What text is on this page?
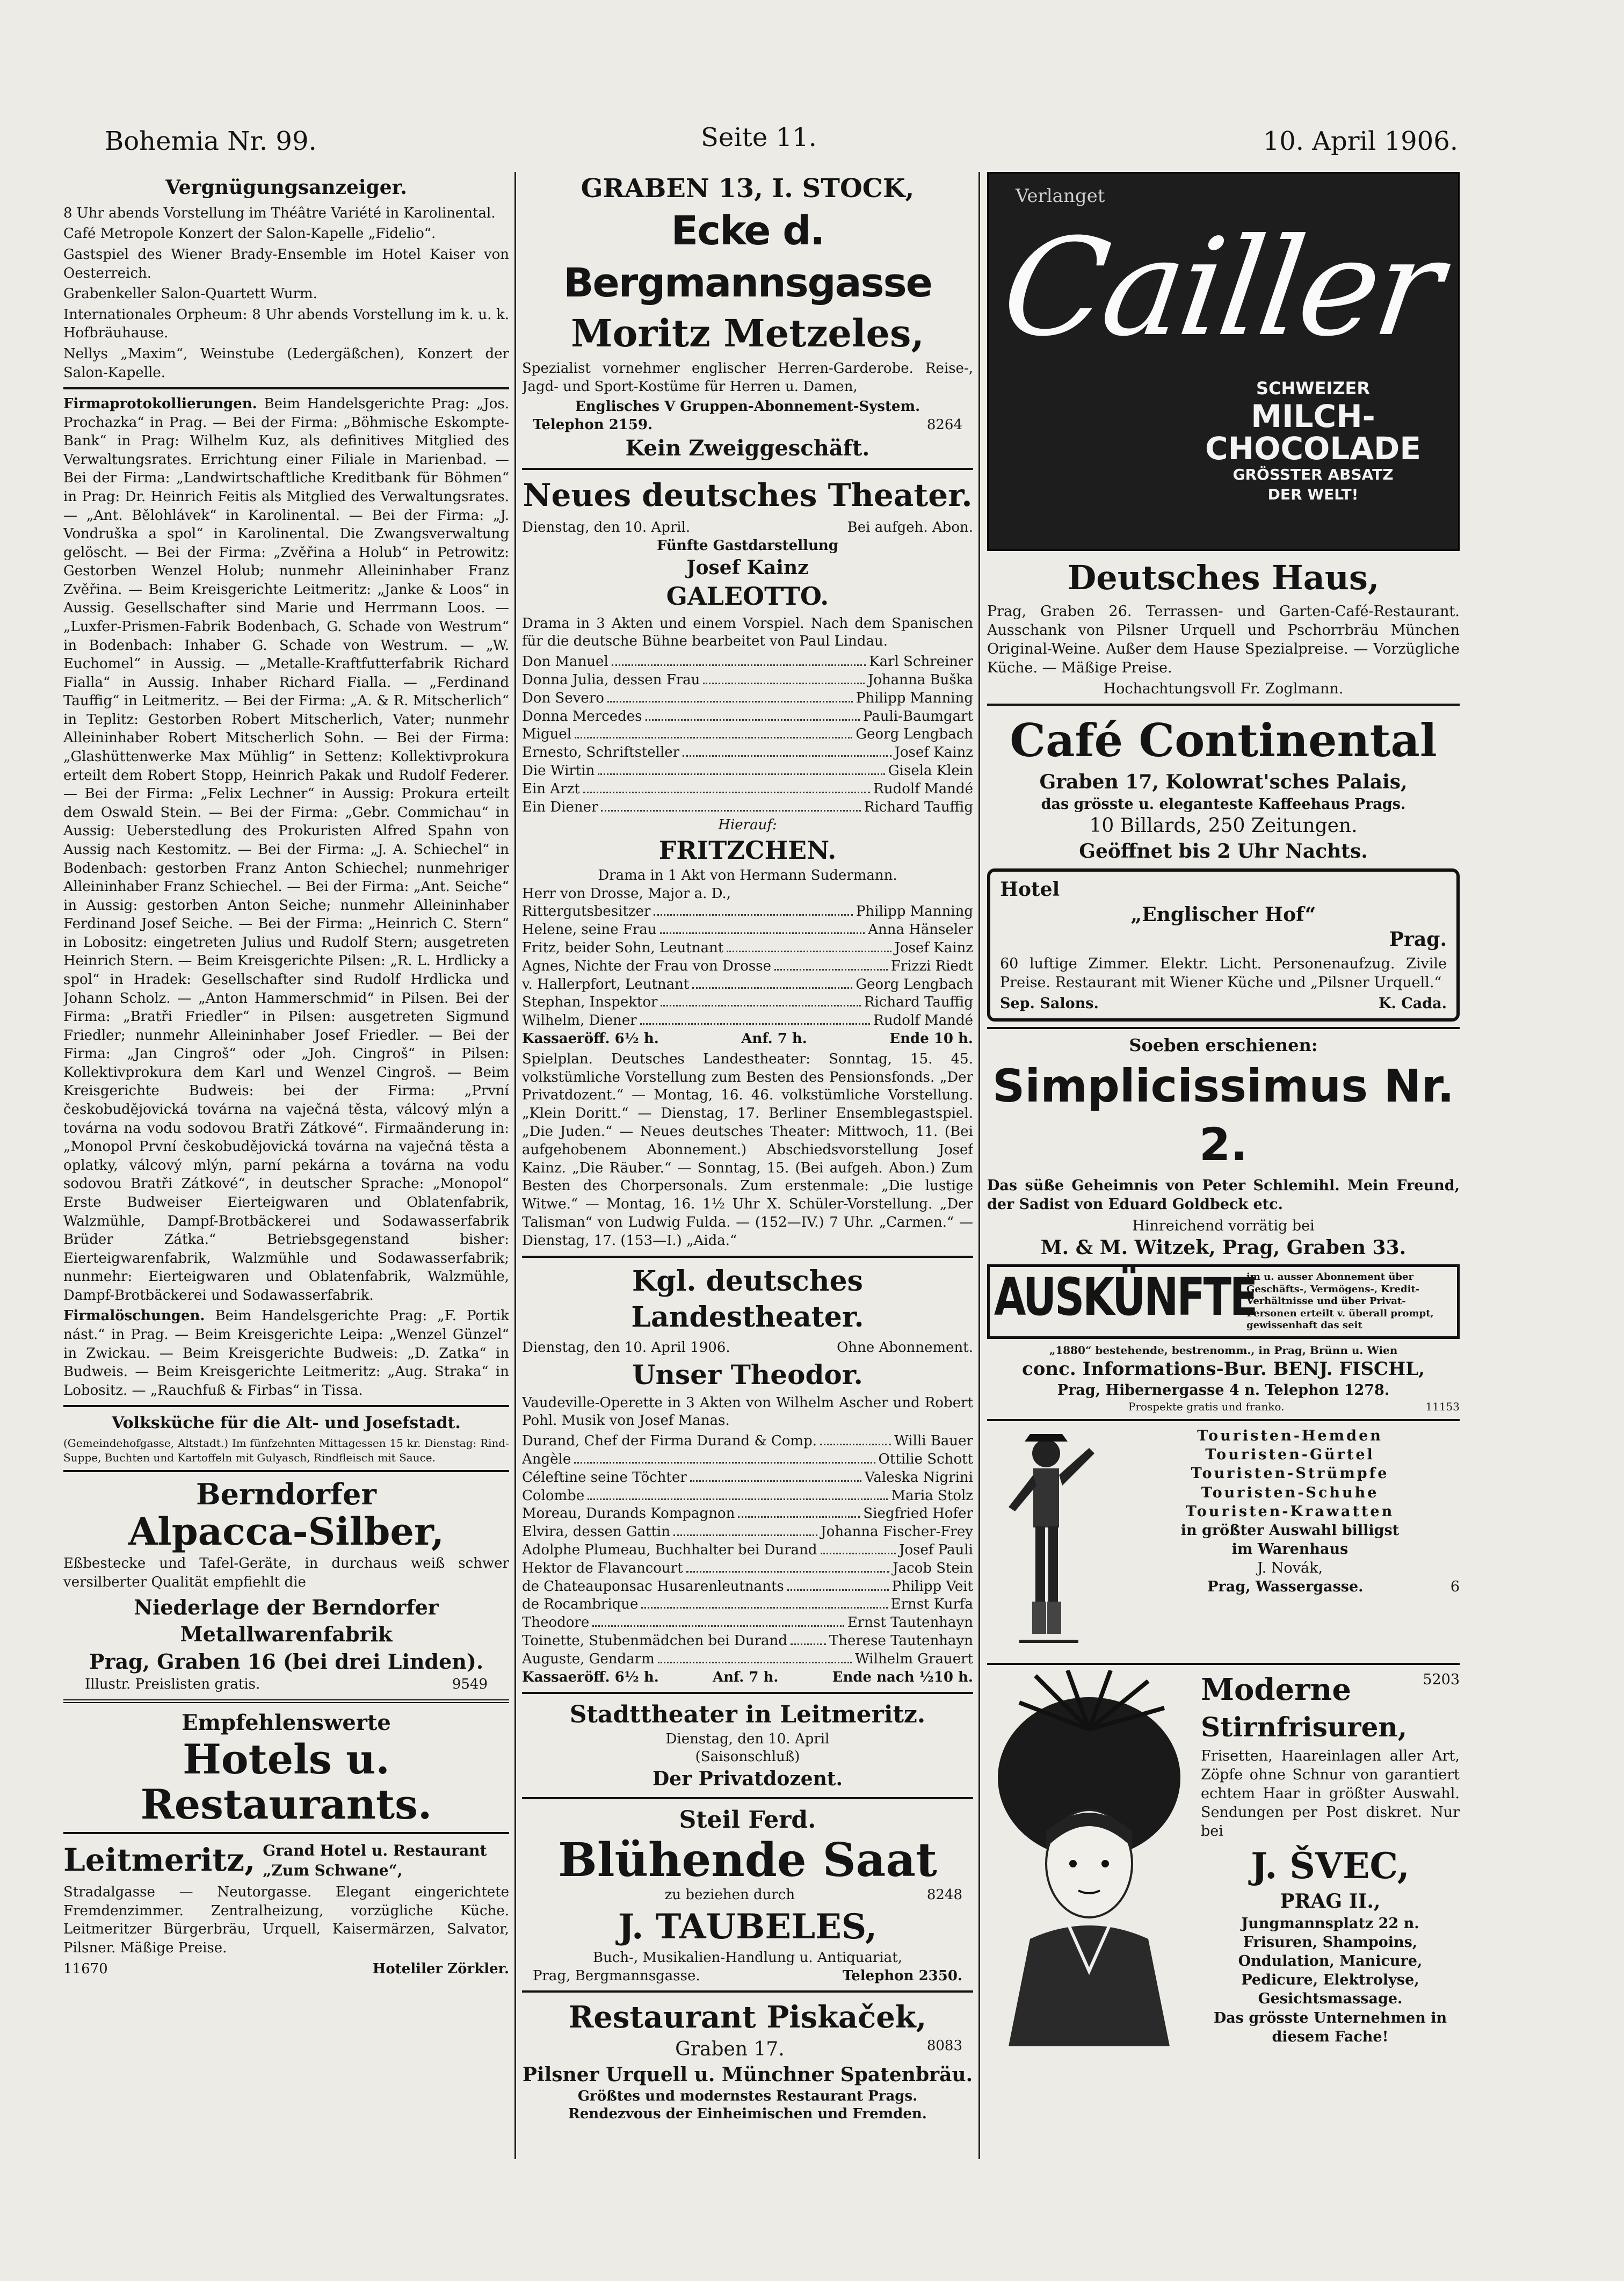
Bohemia Nr. 99.	Seite 11.	10. April 1906.
Vergnügungsanzeiger.
8 Uhr abends Vorstellung im Théâtre Variété in Karolinental.
Café Metropole Konzert der Salon-Kapelle „Fidelio“.
Gastspiel des Wiener Brady-Ensemble im Hotel Kaiser von Oesterreich.
Grabenkeller Salon-Quartett Wurm.
Internationales Orpheum: 8 Uhr abends Vorstellung im k. u. k. Hofbräuhause.
Nellys „Maxim“, Weinstube (Ledergäßchen), Konzert der Salon-Kapelle.
Firmaprotokollierungen. Beim Handelsgerichte Prag: „Jos. Prochazka“ in Prag. — Bei der Firma: „Böhmische Eskompte-Bank“ in Prag: Wilhelm Kuz, als definitives Mitglied des Verwaltungsrates. Errichtung einer Filiale in Marienbad. — Bei der Firma: „Landwirtschaftliche Kreditbank für Böhmen“ in Prag: Dr. Heinrich Feitis als Mitglied des Verwaltungsrates. — „Ant. Bělohlávek“ in Karolinental. — Bei der Firma: „J. Vondruška a spol“ in Karolinental. Die Zwangsverwaltung gelöscht. — Bei der Firma: „Zvěřina a Holub“ in Petrowitz: Gestorben Wenzel Holub; nunmehr Alleininhaber Franz Zvěřina. — Beim Kreisgerichte Leitmeritz: „Janke & Loos“ in Aussig. Gesellschafter sind Marie und Herrmann Loos. — „Luxfer-Prismen-Fabrik Bodenbach, G. Schade von Westrum“ in Bodenbach: Inhaber G. Schade von Westrum. — „W. Euchomel“ in Aussig. — „Metalle-Kraftfutterfabrik Richard Fialla“ in Aussig. Inhaber Richard Fialla. — „Ferdinand Tauffig“ in Leitmeritz. — Bei der Firma: „A. & R. Mitscherlich“ in Teplitz: Gestorben Robert Mitscherlich, Vater; nunmehr Alleininhaber Robert Mitscherlich Sohn. — Bei der Firma: „Glashüttenwerke Max Mühlig“ in Settenz: Kollektivprokura erteilt dem Robert Stopp, Heinrich Pakak und Rudolf Federer. — Bei der Firma: „Felix Lechner“ in Aussig: Prokura erteilt dem Oswald Stein. — Bei der Firma: „Gebr. Commichau“ in Aussig: Ueberstedlung des Prokuristen Alfred Spahn von Aussig nach Kestomitz. — Bei der Firma: „J. A. Schiechel“ in Bodenbach: gestorben Franz Anton Schiechel; nunmehriger Alleininhaber Franz Schiechel. — Bei der Firma: „Ant. Seiche“ in Aussig: gestorben Anton Seiche; nunmehr Alleininhaber Ferdinand Josef Seiche. — Bei der Firma: „Heinrich C. Stern“ in Lobositz: eingetreten Julius und Rudolf Stern; ausgetreten Heinrich Stern. — Beim Kreisgerichte Pilsen: „R. L. Hrdlicky a spol“ in Hradek: Gesellschafter sind Rudolf Hrdlicka und Johann Scholz. — „Anton Hammerschmid“ in Pilsen. Bei der Firma: „Bratři Friedler“ in Pilsen: ausgetreten Sigmund Friedler; nunmehr Alleininhaber Josef Friedler. — Bei der Firma: „Jan Cingroš“ oder „Joh. Cingroš“ in Pilsen: Kollektivprokura dem Karl und Wenzel Cingroš. — Beim Kreisgerichte Budweis: bei der Firma: „První českobudějovická továrna na vaječná těsta, válcový mlýn a továrna na vodu sodovou Bratři Zátkové“. Firmaänderung in: „Monopol První českobudějovická továrna na vaječná těsta a oplatky, válcový mlýn, parní pekárna a továrna na vodu sodovou Bratři Zátkové“, in deutscher Sprache: „Monopol“ Erste Budweiser Eierteigwaren und Oblatenfabrik, Walzmühle, Dampf-Brotbäckerei und Sodawasserfabrik Brüder Zátka.“ Betriebsgegenstand bisher: Eierteigwarenfabrik, Walzmühle und Sodawasserfabrik; nunmehr: Eierteigwaren und Oblatenfabrik, Walzmühle, Dampf-Brotbäckerei und Sodawasserfabrik.
Firmalöschungen. Beim Handelsgerichte Prag: „F. Portik nást.“ in Prag. — Beim Kreisgerichte Leipa: „Wenzel Günzel“ in Zwickau. — Beim Kreisgerichte Budweis: „D. Zatka“ in Budweis. — Beim Kreisgerichte Leitmeritz: „Aug. Straka“ in Lobositz. — „Rauchfuß & Firbas“ in Tissa.
Volksküche für die Alt- und Josefstadt.
(Gemeindehofgasse, Altstadt.) Im fünfzehnten Mittagessen 15 kr. Dienstag: Rind-Suppe, Buchten und Kartoffeln mit Gulyasch, Rindfleisch mit Sauce.
Berndorfer
Alpacca-Silber,
Eßbestecke und Tafel-Geräte, in durchaus weiß schwer versilberter Qualität empfiehlt die
Niederlage der Berndorfer Metallwarenfabrik
Prag, Graben 16 (bei drei Linden).
Illustr. Preislisten gratis.	9549
Empfehlenswerte
Hotels u. Restaurants.
Leitmeritz, Grand Hotel u. Restaurant „Zum Schwane“,
Stradalgasse — Neutorgasse. Elegant eingerichtete Fremdenzimmer. Zentralheizung, vorzügliche Küche. Leitmeritzer Bürgerbräu, Urquell, Kaisermärzen, Salvator, Pilsner. Mäßige Preise.
11670	Hoteliler Zörkler.
GRABEN 13, I. STOCK,
Ecke d. Bergmannsgasse
Moritz Metzeles,
Spezialist vornehmer englischer Herren-Garderobe. Reise-, Jagd- und Sport-Kostüme für Herren u. Damen,
Englisches V Gruppen-Abonnement-System.
Telephon 2159.	8264
Kein Zweiggeschäft.
Neues deutsches Theater.
Dienstag, den 10. April.	Bei aufgeh. Abon.
Fünfte Gastdarstellung
Josef Kainz
GALEOTTO.
Drama in 3 Akten und einem Vorspiel. Nach dem Spanischen für die deutsche Bühne bearbeitet von Paul Lindau.
Don Manuel	Karl Schreiner
Donna Julia, dessen Frau	Johanna Buška
Don Severo	Philipp Manning
Donna Mercedes	Pauli-Baumgart
Miguel	Georg Lengbach
Ernesto, Schriftsteller	Josef Kainz
Die Wirtin	Gisela Klein
Ein Arzt	Rudolf Mandé
Ein Diener	Richard Tauffig
Hierauf:
FRITZCHEN.
Drama in 1 Akt von Hermann Sudermann.
Herr von Drosse, Major a. D.,
Rittergutsbesitzer	Philipp Manning
Helene, seine Frau	Anna Hänseler
Fritz, beider Sohn, Leutnant	Josef Kainz
Agnes, Nichte der Frau von Drosse	Frizzi Riedt
v. Hallerpfort, Leutnant	Georg Lengbach
Stephan, Inspektor	Richard Tauffig
Wilhelm, Diener	Rudolf Mandé
Kassaeröff. 6½ h.	Anf. 7 h.	Ende 10 h.
Spielplan. Deutsches Landestheater: Sonntag, 15. 45. volkstümliche Vorstellung zum Besten des Pensionsfonds. „Der Privatdozent.“ — Montag, 16. 46. volkstümliche Vorstellung. „Klein Doritt.“ — Dienstag, 17. Berliner Ensemblegastspiel. „Die Juden.“ — Neues deutsches Theater: Mittwoch, 11. (Bei aufgehobenem Abonnement.) Abschiedsvorstellung Josef Kainz. „Die Räuber.“ — Sonntag, 15. (Bei aufgeh. Abon.) Zum Besten des Chorpersonals. Zum erstenmale: „Die lustige Witwe.“ — Montag, 16. 1½ Uhr X. Schüler-Vorstellung. „Der Talisman“ von Ludwig Fulda. — (152—IV.) 7 Uhr. „Carmen.“ — Dienstag, 17. (153—I.) „Aida.“
Kgl. deutsches Landestheater.
Dienstag, den 10. April 1906.	Ohne Abonnement.
Unser Theodor.
Vaudeville-Operette in 3 Akten von Wilhelm Ascher und Robert Pohl. Musik von Josef Manas.
Durand, Chef der Firma Durand & Comp.	Willi Bauer
Angèle	Ottilie Schott
Céleftine seine Töchter	Valeska Nigrini
Colombe	Maria Stolz
Moreau, Durands Kompagnon	Siegfried Hofer
Elvira, dessen Gattin	Johanna Fischer-Frey
Adolphe Plumeau, Buchhalter bei Durand	Josef Pauli
Hektor de Flavancourt	Jacob Stein
de Chateauponsac Husarenleutnants	Philipp Veit
de Rocambrique	Ernst Kurfa
Theodore	Ernst Tautenhayn
Toinette, Stubenmädchen bei Durand	Therese Tautenhayn
Auguste, Gendarm	Wilhelm Grauert
Kassaeröff. 6½ h.	Anf. 7 h.	Ende nach ½10 h.
Stadttheater in Leitmeritz.
Dienstag, den 10. April
(Saisonschluß)
Der Privatdozent.
Steil Ferd.
Blühende Saat
zu beziehen durch	8248
J. TAUBELES,
Buch-, Musikalien-Handlung u. Antiquariat,
Prag, Bergmannsgasse.	Telephon 2350.
Restaurant Piskaček,
Graben 17.	8083
Pilsner Urquell u. Münchner Spatenbräu.
Größtes und modernstes Restaurant Prags.
Rendezvous der Einheimischen und Fremden.
Verlanget
Cailler
SCHWEIZER
MILCH-
CHOCOLADE
GRÖSSTER ABSATZ
DER WELT!
Deutsches Haus,
Prag, Graben 26. Terrassen- und Garten-Café-Restaurant. Ausschank von Pilsner Urquell und Pschorrbräu München Original-Weine. Außer dem Hause Spezialpreise. — Vorzügliche Küche. — Mäßige Preise.
Hochachtungsvoll Fr. Zoglmann.
Café Continental
Graben 17, Kolowrat'sches Palais,
das grösste u. eleganteste Kaffeehaus Prags.
10 Billards, 250 Zeitungen.
Geöffnet bis 2 Uhr Nachts.
Hotel
„Englischer Hof“
Prag.
60 luftige Zimmer. Elektr. Licht. Personenaufzug. Zivile Preise. Restaurant mit Wiener Küche und „Pilsner Urquell.“
Sep. Salons.	K. Cada.
Soeben erschienen:
Simplicissimus Nr. 2.
Das süße Geheimnis von Peter Schlemihl. Mein Freund, der Sadist von Eduard Goldbeck etc.
Hinreichend vorrätig bei
M. & M. Witzek, Prag, Graben 33.
AUSKÜNFTE
im u. ausser Abonnement über Geschäfts-, Vermögens-, Kredit-Verhältnisse und über Privat-Personen erteilt v. überall prompt, gewissenhaft das seit
„1880“ bestehende, bestrenomm., in Prag, Brünn u. Wien
conc. Informations-Bur. BENJ. FISCHL,
Prag, Hibernergasse 4 n. Telephon 1278.
Prospekte gratis und franko.	11153
Touristen-Hemden
Touristen-Gürtel
Touristen-Strümpfe
Touristen-Schuhe
Touristen-Krawatten
in größter Auswahl billigst
im Warenhaus
J. Novák,
Prag, Wassergasse.	6
Moderne	5203
Stirnfrisuren,
Frisetten, Haareinlagen aller Art, Zöpfe ohne Schnur von garantiert echtem Haar in größter Auswahl. Sendungen per Post diskret. Nur bei
J. ŠVEC,
PRAG II.,
Jungmannsplatz 22 n.
Frisuren, Shampoins, Ondulation, Manicure, Pedicure, Elektrolyse, Gesichtsmassage.
Das grösste Unternehmen in diesem Fache!
